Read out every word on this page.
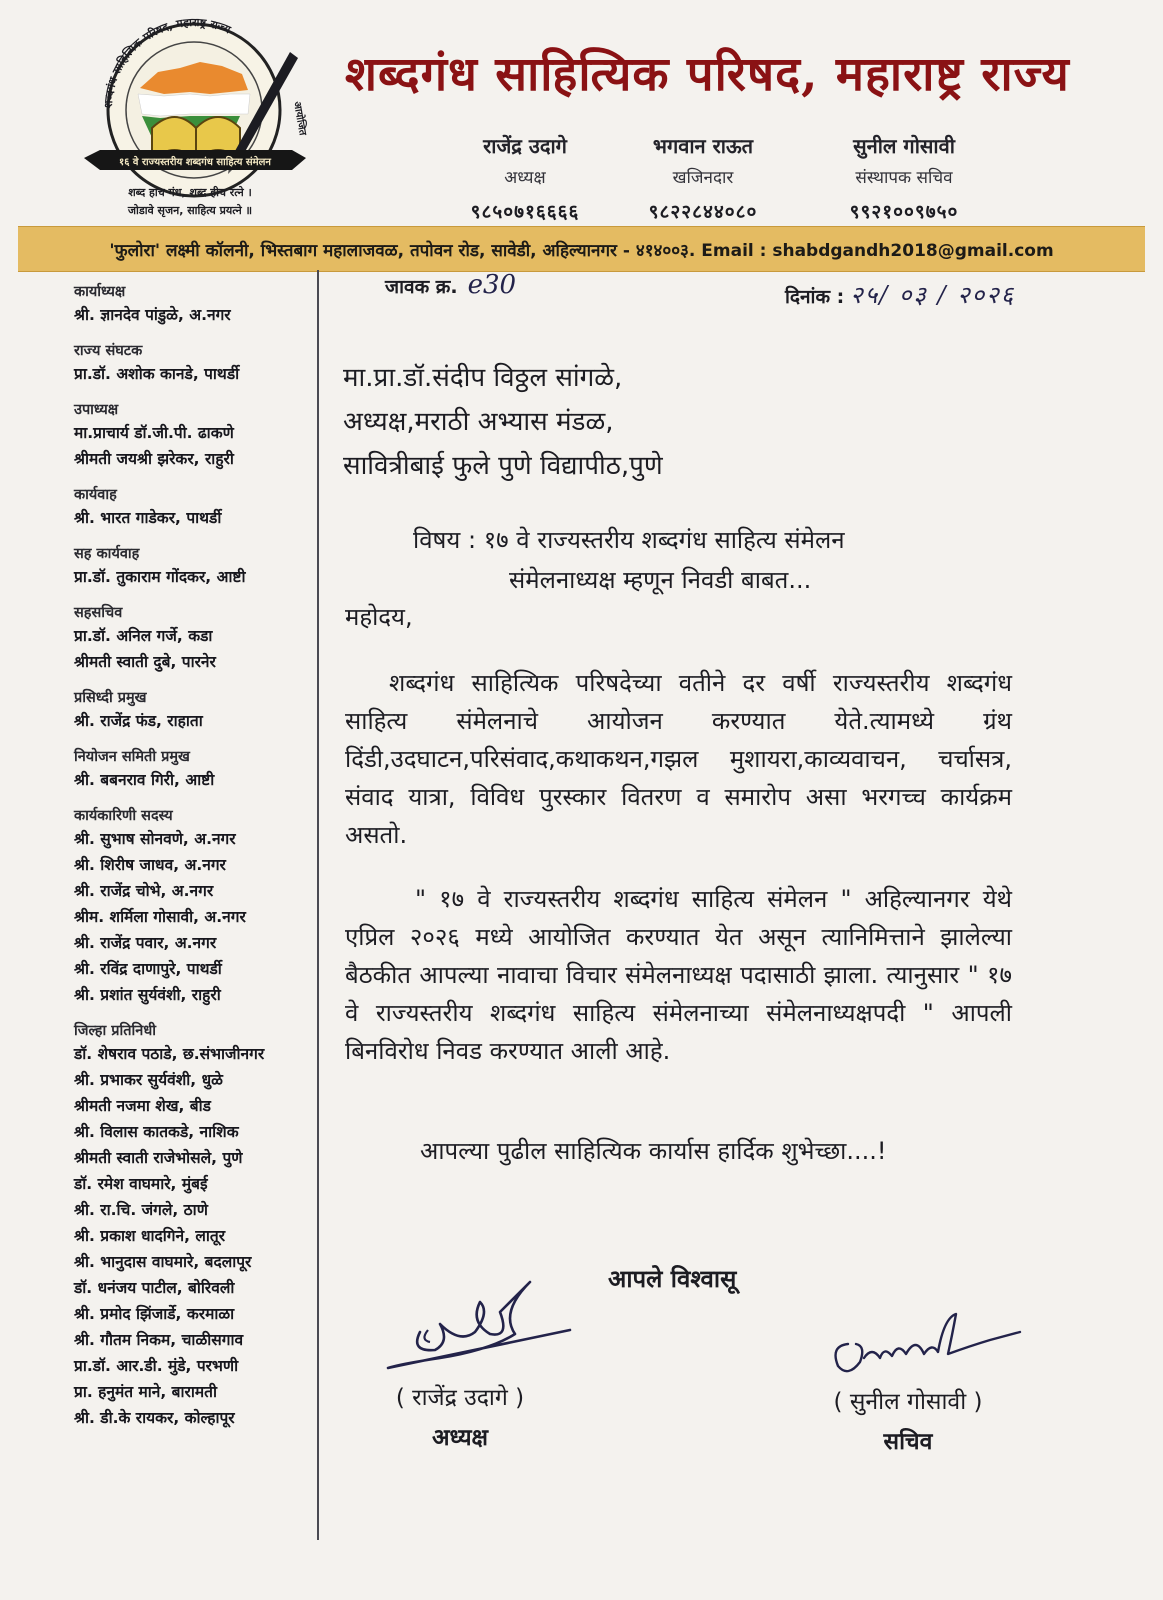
शब्दगंध साहित्यिक परिषद, महाराष्ट्र राज्य
आयोजित
१६ वे राज्यस्तरीय शब्दगंध साहित्य संमेलन
शब्द हाच गंध, शब्द हीच रत्ने ।
जोडावे सृजन, साहित्य प्रयत्ने ॥
शब्दगंध साहित्यिक परिषद, महाराष्ट्र राज्य
राजेंद्र उदागे
अध्यक्ष
९८५०७१६६६६
भगवान राऊत
खजिनदार
९८२२८४४०८०
सुनील गोसावी
संस्थापक सचिव
९९२१००९७५०
'फुलोरा' लक्ष्मी कॉलनी, भिस्तबाग महालाजवळ, तपोवन रोड, सावेडी, अहिल्यानगर - ४१४००३. Email : shabdgandh2018@gmail.com
कार्याध्यक्ष
श्री. ज्ञानदेव पांडुळे, अ.नगर
राज्य संघटक
प्रा.डॉ. अशोक कानडे, पाथर्डी
उपाध्यक्ष
मा.प्राचार्य डॉ.जी.पी. ढाकणे
श्रीमती जयश्री झरेकर, राहुरी
कार्यवाह
श्री. भारत गाडेकर, पाथर्डी
सह कार्यवाह
प्रा.डॉ. तुकाराम गोंदकर, आष्टी
सहसचिव
प्रा.डॉ. अनिल गर्जे, कडा
श्रीमती स्वाती दुबे, पारनेर
प्रसिध्दी प्रमुख
श्री. राजेंद्र फंड, राहाता
नियोजन समिती प्रमुख
श्री. बबनराव गिरी, आष्टी
कार्यकारिणी सदस्य
श्री. सुभाष सोनवणे, अ.नगर
श्री. शिरीष जाधव, अ.नगर
श्री. राजेंद्र चोभे, अ.नगर
श्रीम. शर्मिला गोसावी, अ.नगर
श्री. राजेंद्र पवार, अ.नगर
श्री. रविंद्र दाणापुरे, पाथर्डी
श्री. प्रशांत सुर्यवंशी, राहुरी
जिल्हा प्रतिनिधी
डॉ. शेषराव पठाडे, छ.संभाजीनगर
श्री. प्रभाकर सुर्यवंशी, धुळे
श्रीमती नजमा शेख, बीड
श्री. विलास कातकडे, नाशिक
श्रीमती स्वाती राजेभोसले, पुणे
डॉ. रमेश वाघमारे, मुंबई
श्री. रा.चि. जंगले, ठाणे
श्री. प्रकाश धादगिने, लातूर
श्री. भानुदास वाघमारे, बदलापूर
डॉ. धनंजय पाटील, बोरिवली
श्री. प्रमोद झिंजार्डे, करमाळा
श्री. गौतम निकम, चाळीसगाव
प्रा.डॉ. आर.डी. मुंडे, परभणी
प्रा. हनुमंत माने, बारामती
श्री. डी.के रायकर, कोल्हापूर
जावक क्र. e30	दिनांक : २५/ ०३ / २०२६
मा.प्रा.डॉ.संदीप विठ्ठल सांगळे,
अध्यक्ष,मराठी अभ्यास मंडळ,
सावित्रीबाई फुले पुणे विद्यापीठ,पुणे
विषय : १७ वे राज्यस्तरीय शब्दगंध साहित्य संमेलन
संमेलनाध्यक्ष म्हणून निवडी बाबत...
महोदय,
शब्दगंध साहित्यिक परिषदेच्या वतीने दर वर्षी राज्यस्तरीय शब्दगंध साहित्य संमेलनाचे आयोजन करण्यात येते.त्यामध्ये ग्रंथ दिंडी,उदघाटन,परिसंवाद,कथाकथन,गझल मुशायरा,काव्यवाचन, चर्चासत्र, संवाद यात्रा, विविध पुरस्कार वितरण व समारोप असा भरगच्च कार्यक्रम असतो.
" १७ वे राज्यस्तरीय शब्दगंध साहित्य संमेलन " अहिल्यानगर येथे एप्रिल २०२६ मध्ये आयोजित करण्यात येत असून त्यानिमित्ताने झालेल्या बैठकीत आपल्या नावाचा विचार संमेलनाध्यक्ष पदासाठी झाला. त्यानुसार " १७ वे राज्यस्तरीय शब्दगंध साहित्य संमेलनाच्या संमेलनाध्यक्षपदी " आपली बिनविरोध निवड करण्यात आली आहे.
आपल्या पुढील साहित्यिक कार्यास हार्दिक शुभेच्छा....!
आपले विश्वासू
( राजेंद्र उदागे )
अध्यक्ष
( सुनील गोसावी )
सचिव
